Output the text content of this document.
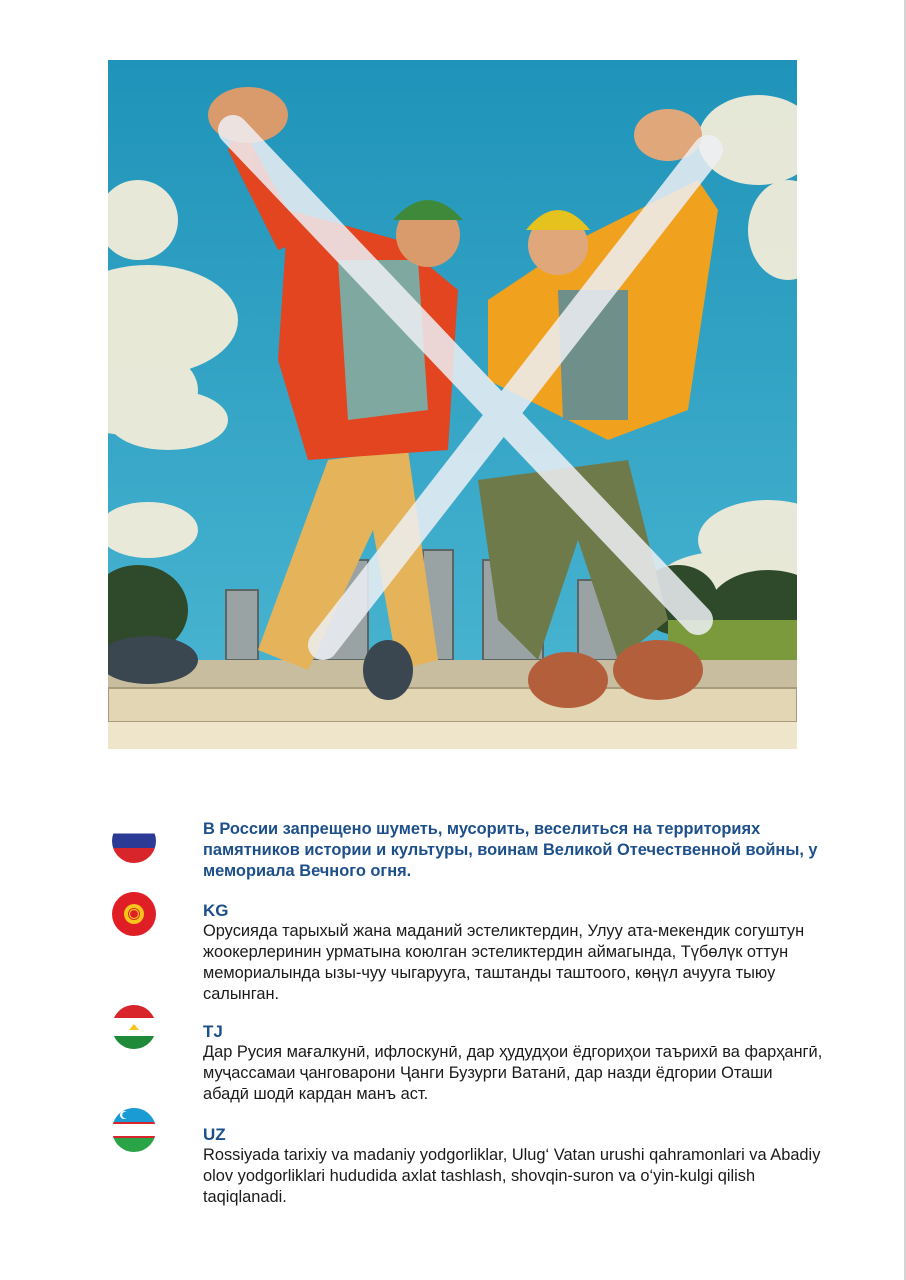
В России запрещено шуметь, мусорить, веселиться на территориях памятников истории и культуры, воинам Великой Отечественной войны, у мемориала Вечного огня.
KG
Орусияда тарыхый жана маданий эстеликтердин, Улуу ата-мекендик согуштун жоокерлеринин урматына коюлган эстеликтердин аймагында, Түбөлүк оттун мемориалында ызы-чуу чыгарууга, таштанды таштоого, көңүл ачууга тыюу салынган.
TJ
Дар Русия мағалкунӣ, ифлоскунӣ, дар ҳудудҳои ёдгориҳои таърихӣ ва фарҳангӣ, муҷассамаи ҷанговарони Ҷанги Бузурги Ватанӣ, дар назди ёдгории Оташи абадӣ шодӣ кардан манъ аст.
UZ
Rossiyada tarixiy va madaniy yodgorliklar, Ulug‘ Vatan urushi qahramonlari va Abadiy olov yodgorliklari hududida axlat tashlash, shovqin-suron va o‘yin-kulgi qilish taqiqlanadi.
